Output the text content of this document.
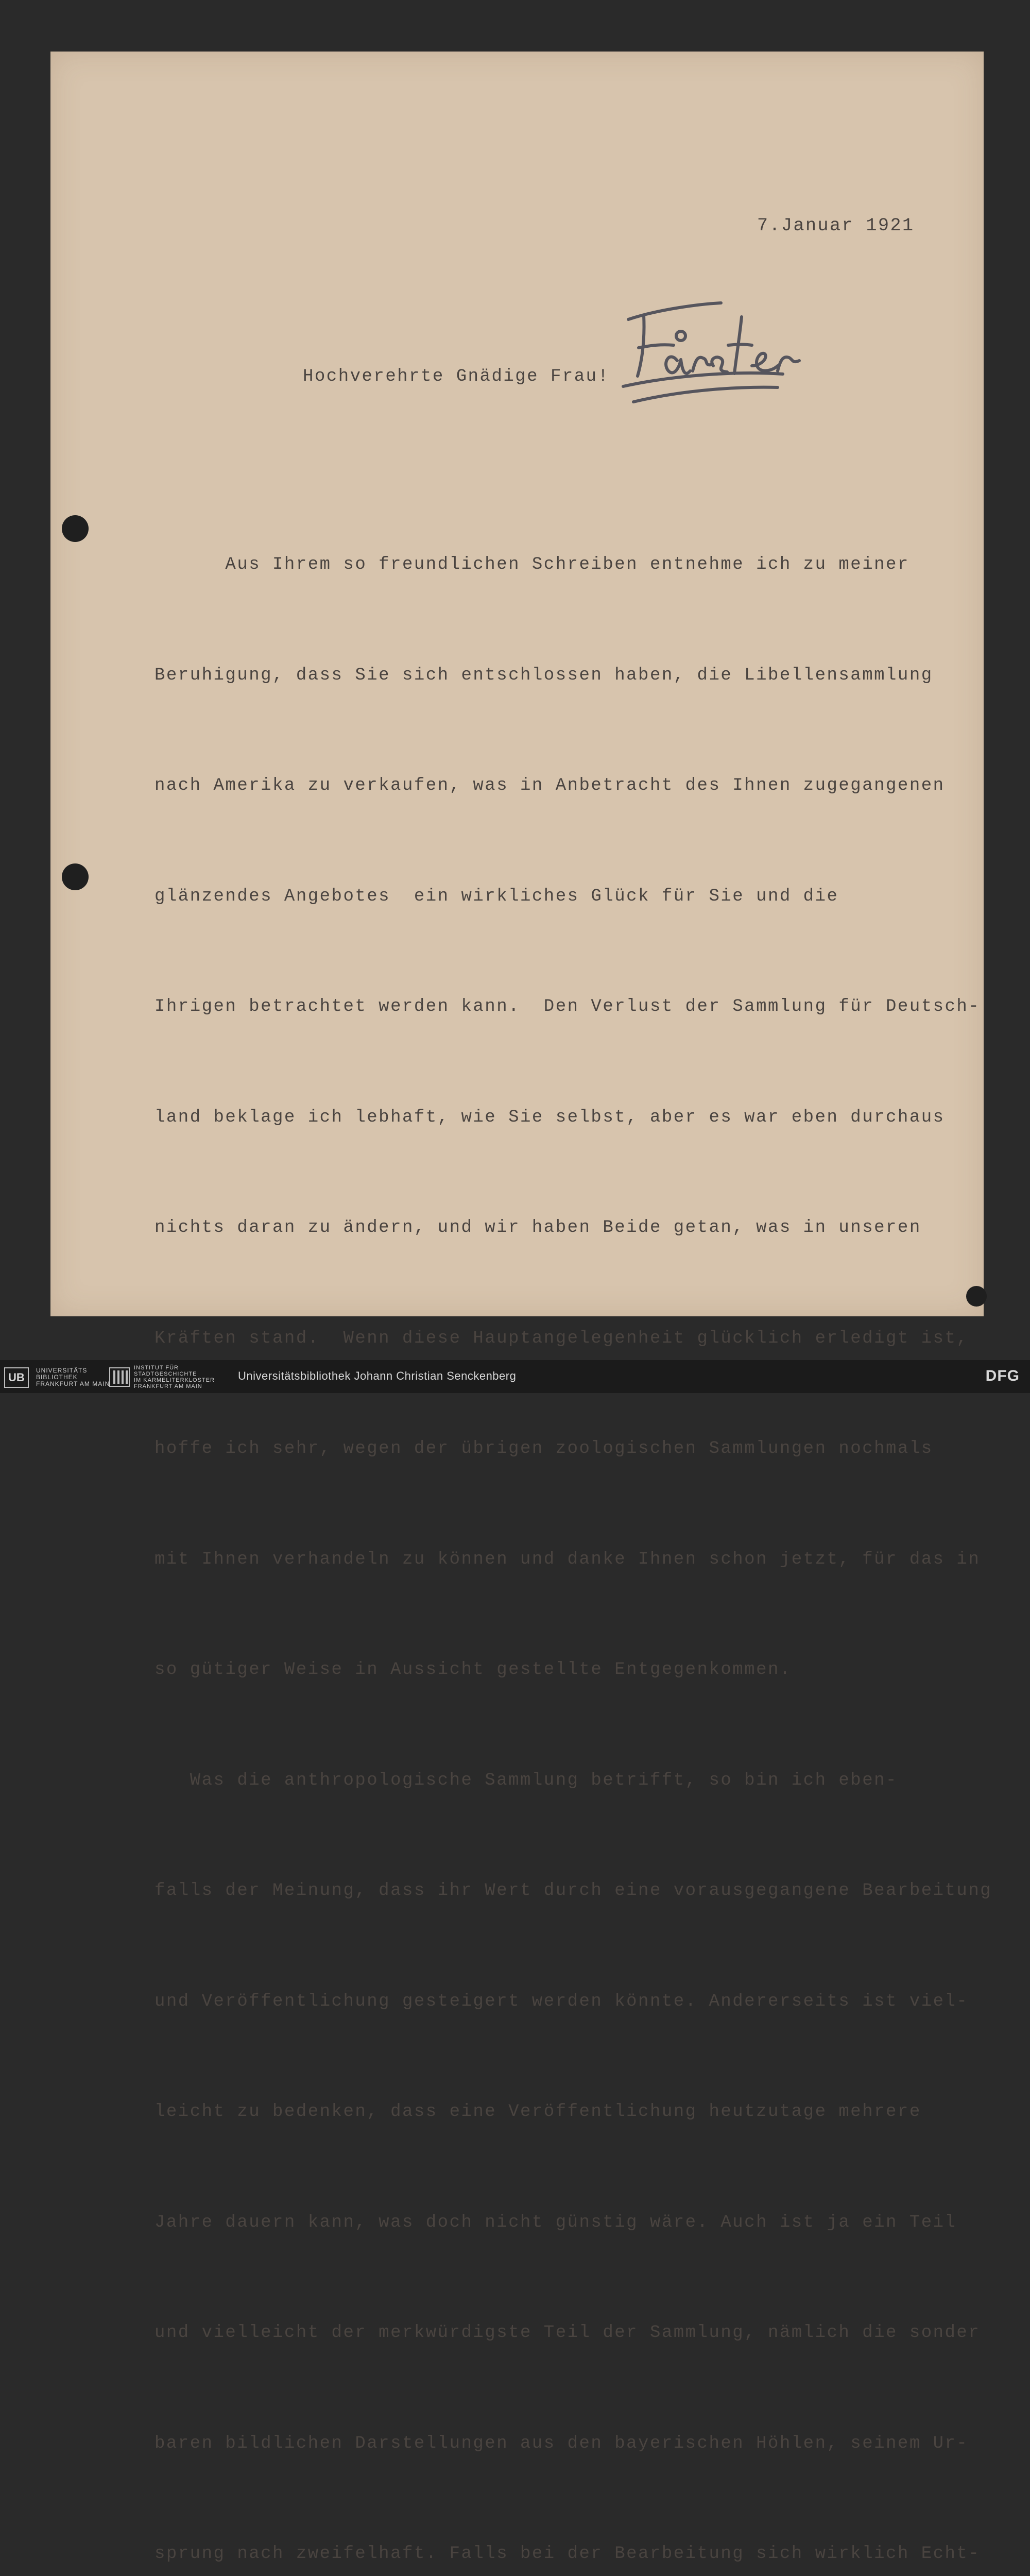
7.Januar 1921
Hochverehrte Gnädige Frau!

Aus Ihrem so freundlichen Schreiben entnehme ich zu meiner

Beruhigung, dass Sie sich entschlossen haben, die Libellensammlung

nach Amerika zu verkaufen, was in Anbetracht des Ihnen zugegangenen

glänzendes Angebotes  ein wirkliches Glück für Sie und die

Ihrigen betrachtet werden kann.  Den Verlust der Sammlung für Deutsch-

land beklage ich lebhaft, wie Sie selbst, aber es war eben durchaus

nichts daran zu ändern, und wir haben Beide getan, was in unseren

Kräften stand.  Wenn diese Hauptangelegenheit glücklich erledigt ist,

hoffe ich sehr, wegen der übrigen zoologischen Sammlungen nochmals

mit Ihnen verhandeln zu können und danke Ihnen schon jetzt, für das in

so gütiger Weise in Aussicht gestellte Entgegenkommen.

Was die anthropologische Sammlung betrifft, so bin ich eben-

falls der Meinung, dass ihr Wert durch eine vorausgegangene Bearbeitung

und Veröffentlichung gesteigert werden könnte. Andererseits ist viel-

leicht zu bedenken, dass eine Veröffentlichung heutzutage mehrere

Jahre dauern kann, was doch nicht günstig wäre. Auch ist ja ein Teil

und vielleicht der merkwürdigste Teil der Sammlung, nämlich die sonder

baren bildlichen Darstellungen aus den bayerischen Höhlen, seinem Ur-

sprung nach zweifelhaft. Falls bei der Bearbeitung sich wirklich Echt-

UB
UNIVERSITÄTS
BIBLIOTHEK
FRANKFURT AM MAIN
INSTITUT FÜR
STADTGESCHICHTE
IM KARMELITERKLOSTER
FRANKFURT AM MAIN
Universitätsbibliothek Johann Christian Senckenberg	DFG
